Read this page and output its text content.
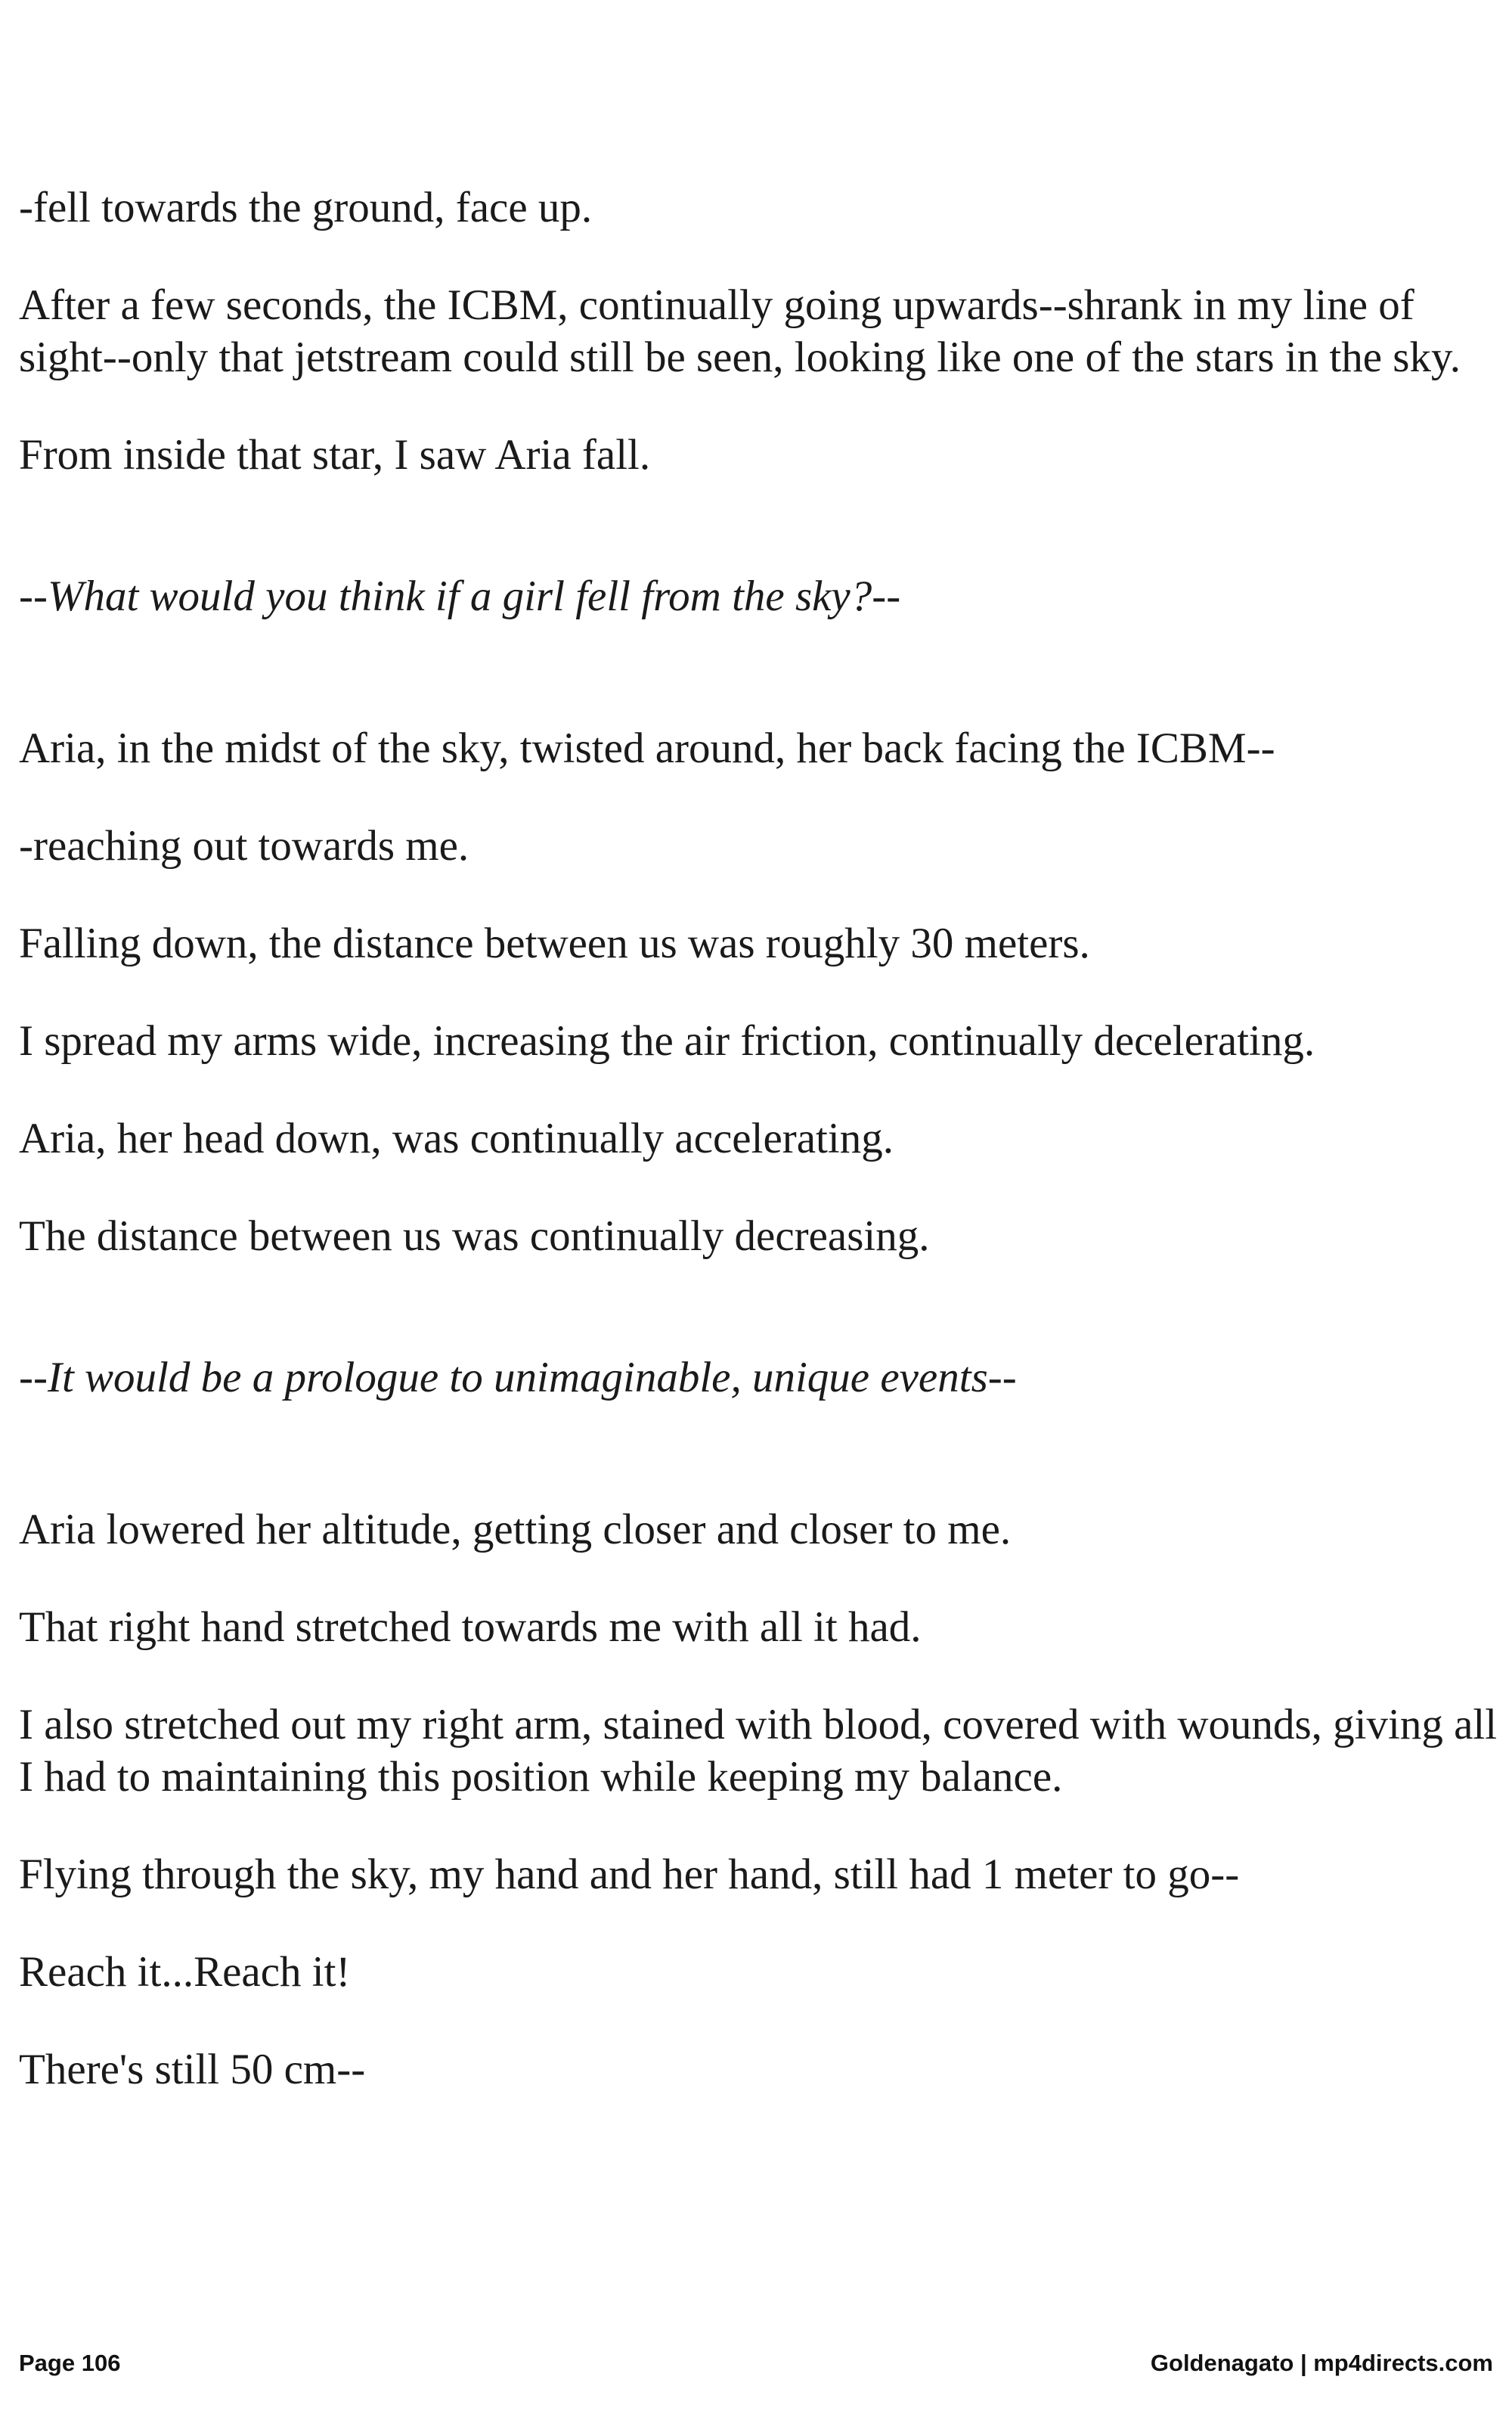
-fell towards the ground, face up.

After a few seconds, the ICBM, continually going upwards--shrank in my line of sight--only that jetstream could still be seen, looking like one of the stars in the sky.

From inside that star, I saw Aria fall.

--What would you think if a girl fell from the sky?--

Aria, in the midst of the sky, twisted around, her back facing the ICBM--

-reaching out towards me.

Falling down, the distance between us was roughly 30 meters.

I spread my arms wide, increasing the air friction, continually decelerating.

Aria, her head down, was continually accelerating.

The distance between us was continually decreasing.

--It would be a prologue to unimaginable, unique events--

Aria lowered her altitude, getting closer and closer to me.

That right hand stretched towards me with all it had.

I also stretched out my right arm, stained with blood, covered with wounds, giving all I had to maintaining this position while keeping my balance.

Flying through the sky, my hand and her hand, still had 1 meter to go--

Reach it...Reach it!

There's still 50 cm--

Page 106	Goldenagato | mp4directs.com
